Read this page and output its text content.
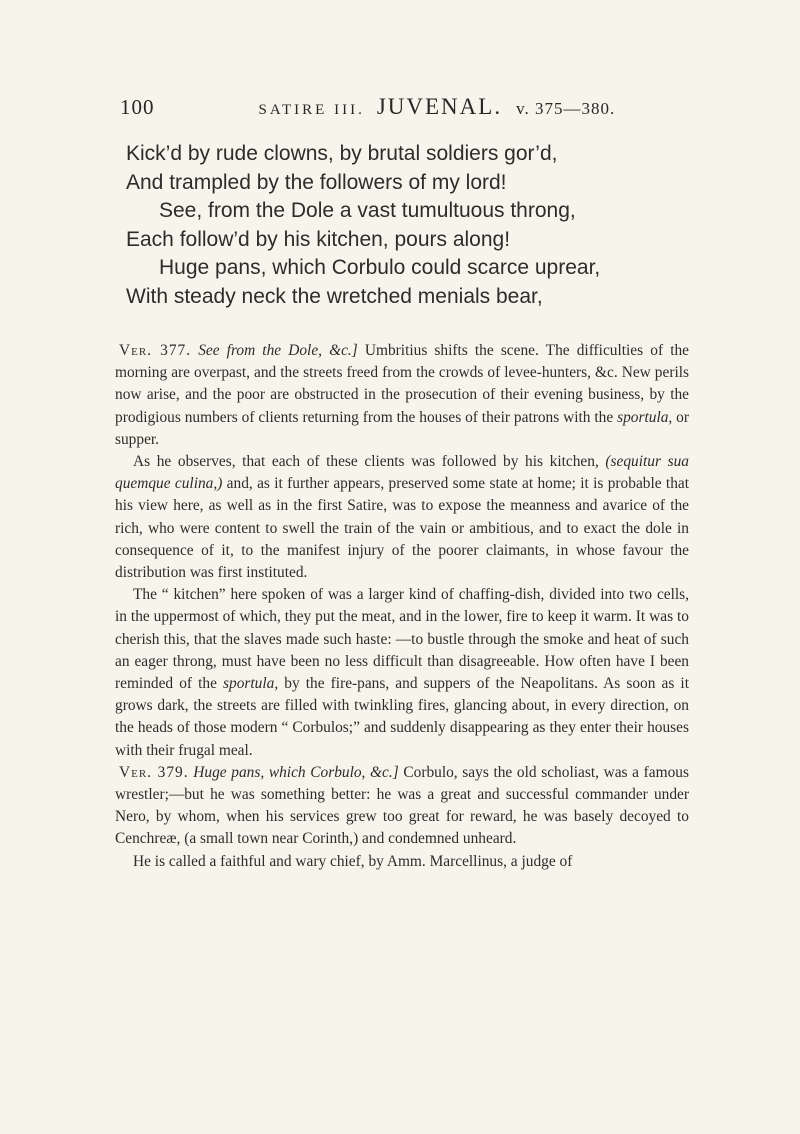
100	SATIRE III. JUVENAL. v. 375—380.
Kick’d by rude clowns, by brutal soldiers gor’d,
And trampled by the followers of my lord!
See, from the Dole a vast tumultuous throng,
Each follow’d by his kitchen, pours along!
Huge pans, which Corbulo could scarce uprear,
With steady neck the wretched menials bear,

Ver. 377. See from the Dole, &c.] Umbritius shifts the scene. The difficulties of the morning are overpast, and the streets freed from the crowds of levee-hunters, &c. New perils now arise, and the poor are obstructed in the prosecution of their evening business, by the prodigious numbers of clients returning from the houses of their patrons with the sportula, or supper.

As he observes, that each of these clients was followed by his kitchen, (sequitur sua quemque culina,) and, as it further appears, preserved some state at home; it is probable that his view here, as well as in the first Satire, was to expose the meanness and avarice of the rich, who were content to swell the train of the vain or ambitious, and to exact the dole in consequence of it, to the manifest injury of the poorer claimants, in whose favour the distribution was first instituted.

The “ kitchen” here spoken of was a larger kind of chaffing-dish, divided into two cells, in the uppermost of which, they put the meat, and in the lower, fire to keep it warm. It was to cherish this, that the slaves made such haste: —to bustle through the smoke and heat of such an eager throng, must have been no less difficult than disagreeable. How often have I been reminded of the sportula, by the fire-pans, and suppers of the Neapolitans. As soon as it grows dark, the streets are filled with twinkling fires, glancing about, in every direction, on the heads of those modern “ Corbulos;” and suddenly disappearing as they enter their houses with their frugal meal.

Ver. 379. Huge pans, which Corbulo, &c.] Corbulo, says the old scholiast, was a famous wrestler;—but he was something better: he was a great and successful commander under Nero, by whom, when his services grew too great for reward, he was basely decoyed to Cenchreæ, (a small town near Corinth,) and condemned unheard.

He is called a faithful and wary chief, by Amm. Marcellinus, a judge of
